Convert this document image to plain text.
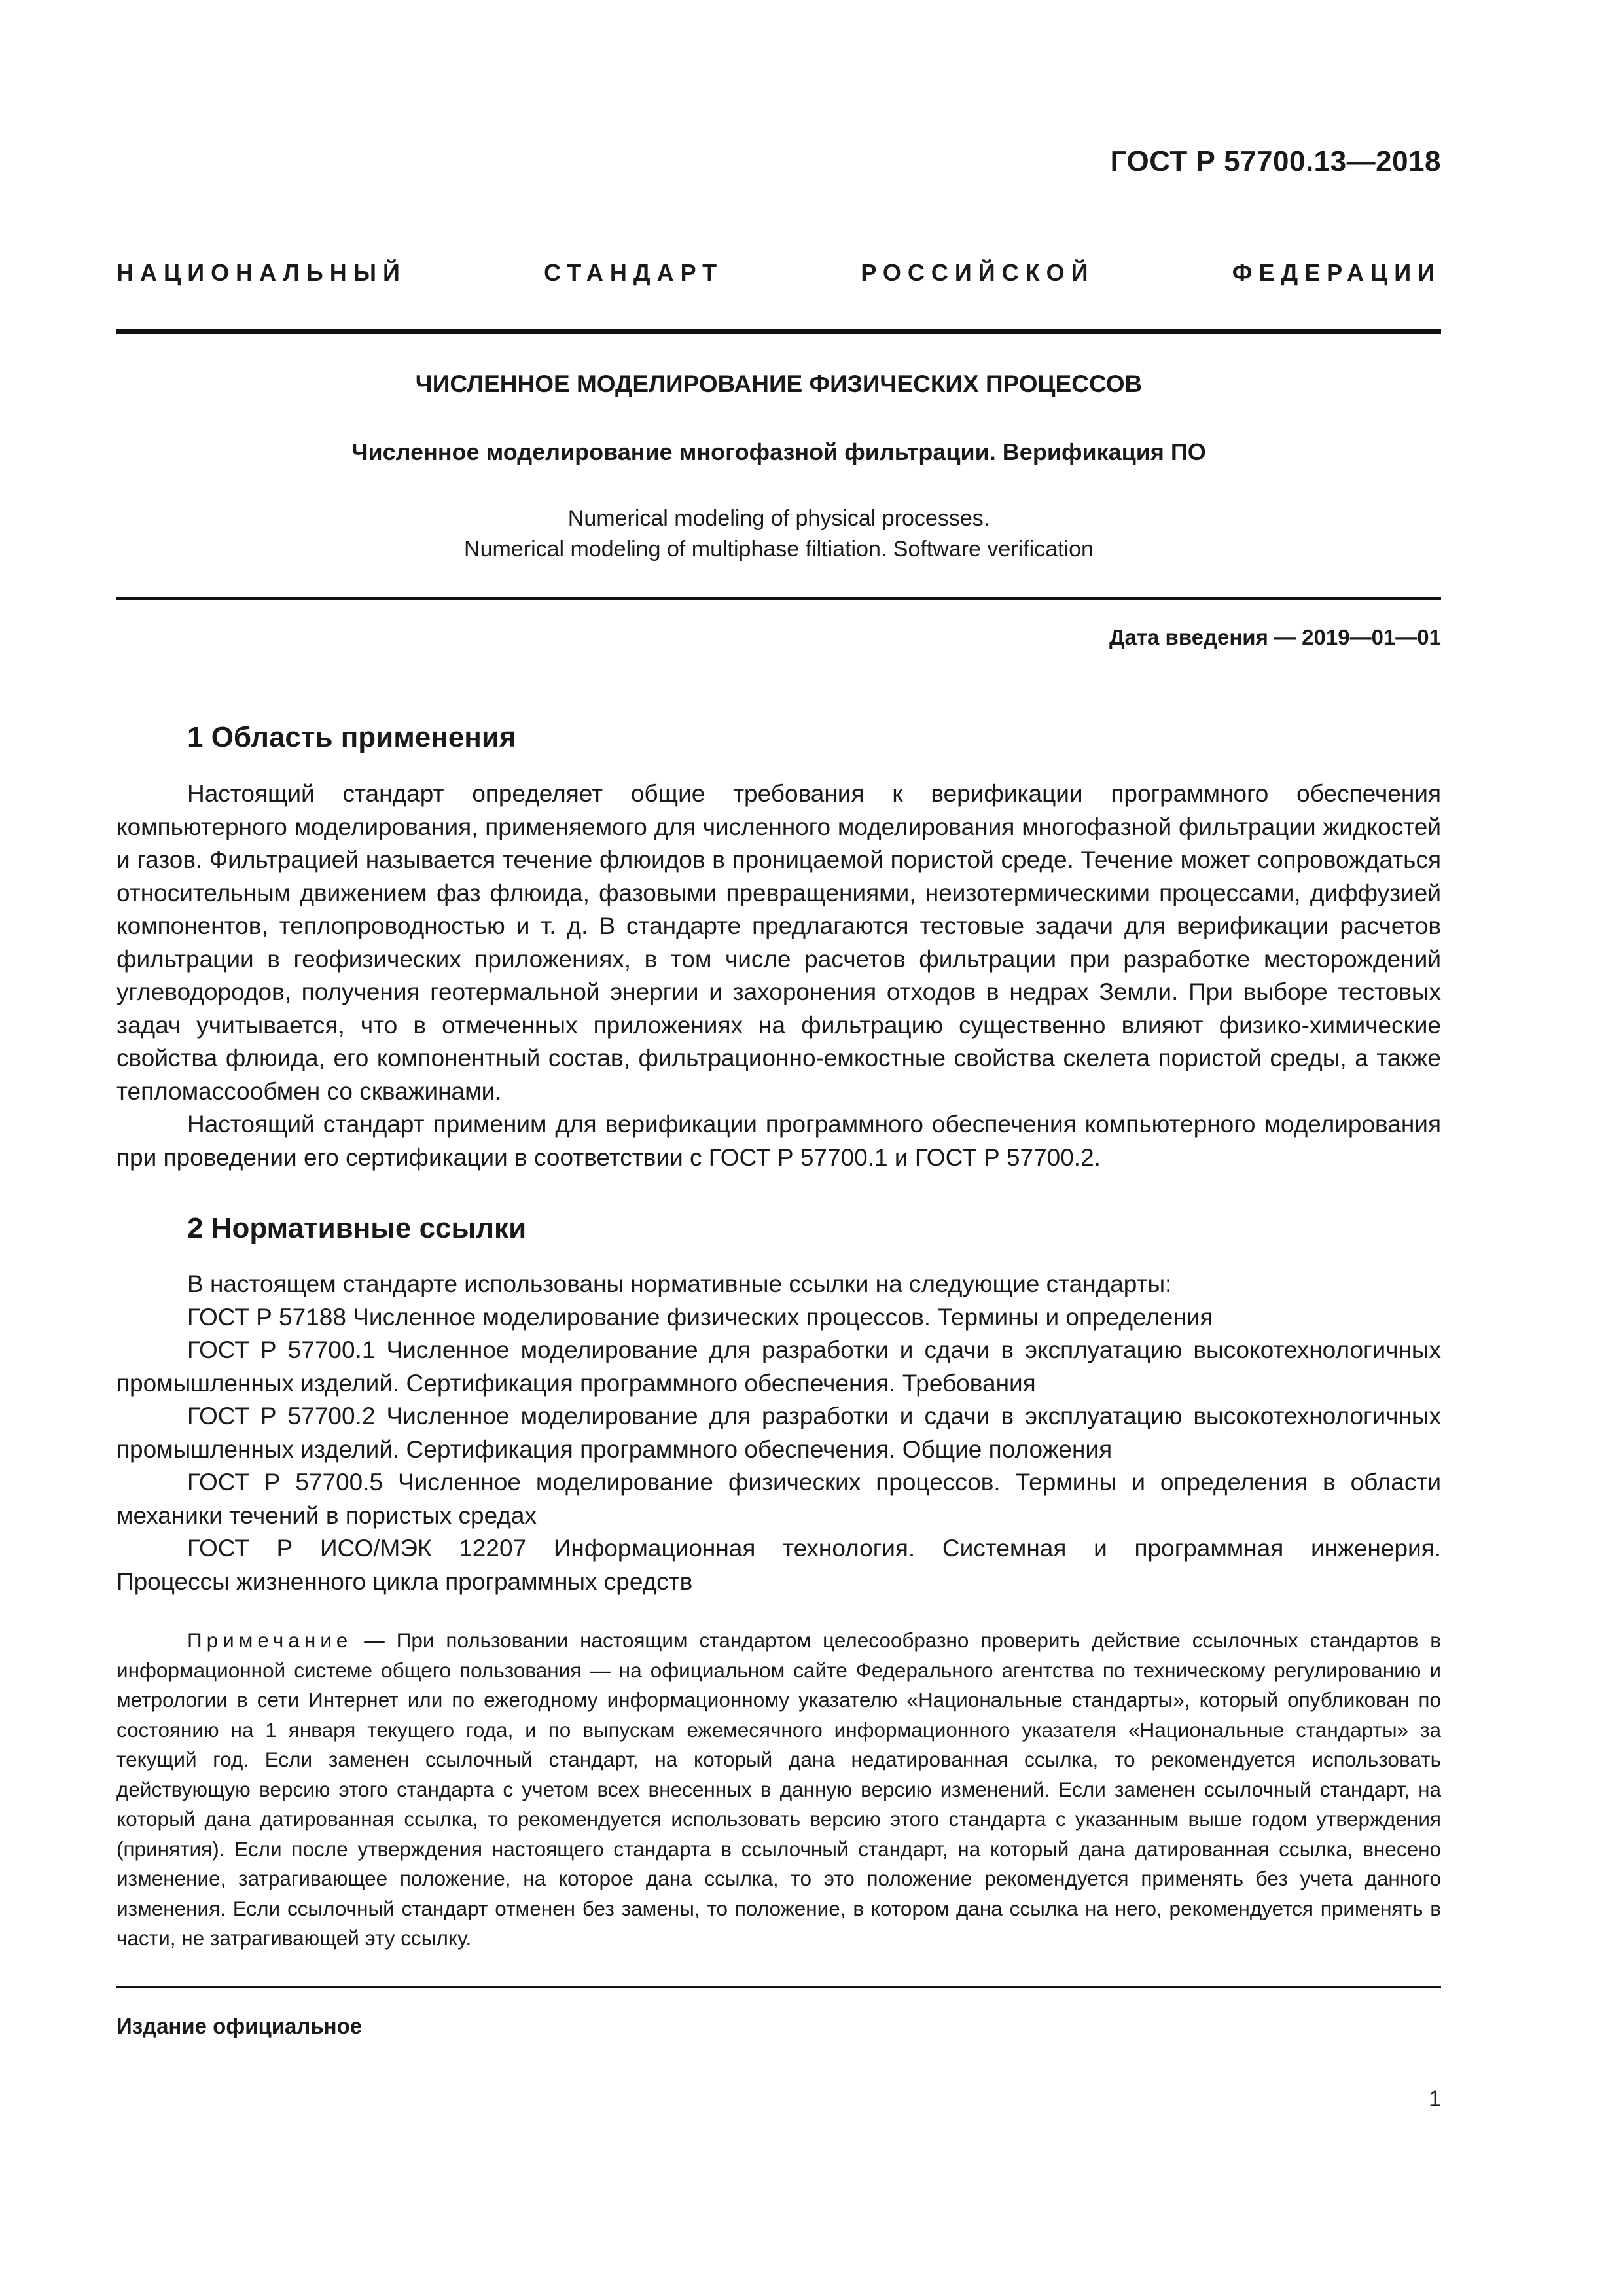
ГОСТ Р 57700.13—2018
НАЦИОНАЛЬНЫЙ СТАНДАРТ РОССИЙСКОЙ ФЕДЕРАЦИИ
ЧИСЛЕННОЕ МОДЕЛИРОВАНИЕ ФИЗИЧЕСКИХ ПРОЦЕССОВ
Численное моделирование многофазной фильтрации. Верификация ПО
Numerical modeling of physical processes.
Numerical modeling of multiphase filtiation. Software verification
Дата введения — 2019—01—01
1 Область применения

Настоящий стандарт определяет общие требования к верификации программного обеспечения компьютерного моделирования, применяемого для численного моделирования многофазной фильтрации жидкостей и газов. Фильтрацией называется течение флюидов в проницаемой пористой среде. Течение может сопровождаться относительным движением фаз флюида, фазовыми превращениями, неизотермическими процессами, диффузией компонентов, теплопроводностью и т. д. В стандарте предлагаются тестовые задачи для верификации расчетов фильтрации в геофизических приложениях, в том числе расчетов фильтрации при разработке месторождений углеводородов, получения геотермальной энергии и захоронения отходов в недрах Земли. При выборе тестовых задач учитывается, что в отмеченных приложениях на фильтрацию существенно влияют физико-химические свойства флюида, его компонентный состав, фильтрационно-емкостные свойства скелета пористой среды, а также тепломассообмен со скважинами.

Настоящий стандарт применим для верификации программного обеспечения компьютерного моделирования при проведении его сертификации в соответствии с ГОСТ Р 57700.1 и ГОСТ Р 57700.2.

2 Нормативные ссылки

В настоящем стандарте использованы нормативные ссылки на следующие стандарты:

ГОСТ Р 57188 Численное моделирование физических процессов. Термины и определения

ГОСТ Р 57700.1 Численное моделирование для разработки и сдачи в эксплуатацию высокотехнологичных промышленных изделий. Сертификация программного обеспечения. Требования

ГОСТ Р 57700.2 Численное моделирование для разработки и сдачи в эксплуатацию высокотехнологичных промышленных изделий. Сертификация программного обеспечения. Общие положения

ГОСТ Р 57700.5 Численное моделирование физических процессов. Термины и определения в области механики течений в пористых средах

ГОСТ Р ИСО/МЭК 12207 Информационная технология. Системная и программная инженерия.

Процессы жизненного цикла программных средств

Примечание — При пользовании настоящим стандартом целесообразно проверить действие ссылочных стандартов в информационной системе общего пользования — на официальном сайте Федерального агентства по техническому регулированию и метрологии в сети Интернет или по ежегодному информационному указателю «Национальные стандарты», который опубликован по состоянию на 1 января текущего года, и по выпускам ежемесячного информационного указателя «Национальные стандарты» за текущий год. Если заменен ссылочный стандарт, на который дана недатированная ссылка, то рекомендуется использовать действующую версию этого стандарта с учетом всех внесенных в данную версию изменений. Если заменен ссылочный стандарт, на который дана датированная ссылка, то рекомендуется использовать версию этого стандарта с указанным выше годом утверждения (принятия). Если после утверждения настоящего стандарта в ссылочный стандарт, на который дана датированная ссылка, внесено изменение, затрагивающее положение, на которое дана ссылка, то это положение рекомендуется применять без учета данного изменения. Если ссылочный стандарт отменен без замены, то положение, в котором дана ссылка на него, рекомендуется применять в части, не затрагивающей эту ссылку.
Издание официальное
1
